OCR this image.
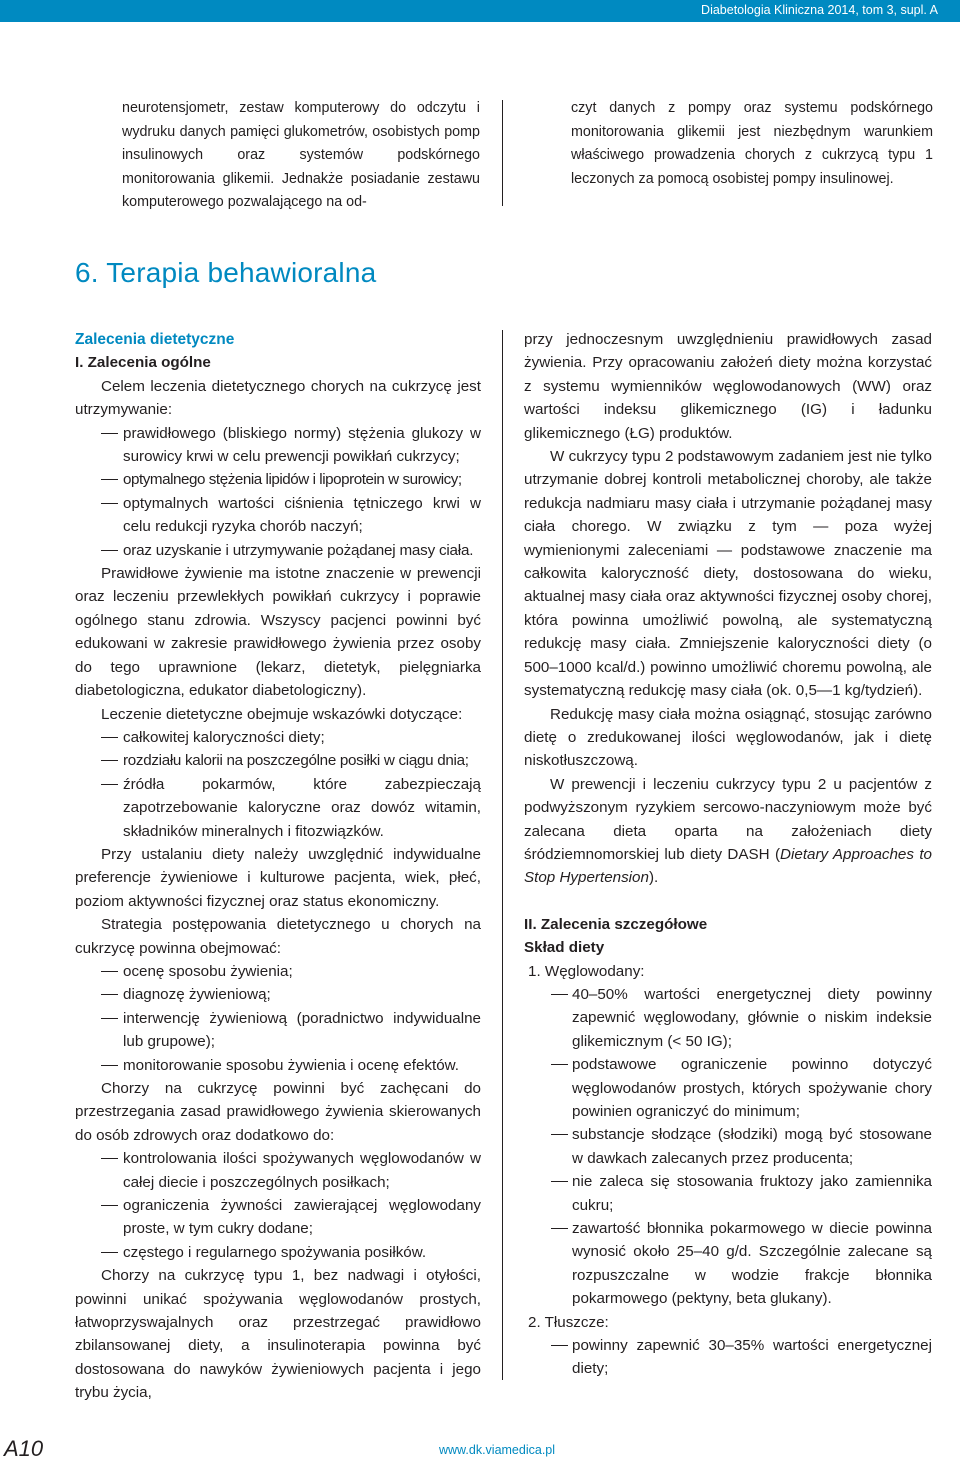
Diabetologia Kliniczna 2014, tom 3, supl. A
neurotensjometr, zestaw komputerowy do odczytu i wydruku danych pamięci glukometrów, osobistych pomp insulinowych oraz systemów podskórnego monitorowania glikemii. Jednakże posiadanie zestawu komputerowego pozwalającego na od-
czyt danych z pompy oraz systemu podskórnego monitorowania glikemii jest niezbędnym warunkiem właściwego prowadzenia chorych z cukrzycą typu 1 leczonych za pomocą osobistej pompy insulinowej.
6. Terapia behawioralna

Zalecenia dietetyczne

I. Zalecenia ogólne

Celem leczenia dietetycznego chorych na cukrzycę jest utrzymywanie:

prawidłowego (bliskiego normy) stężenia glukozy w surowicy krwi w celu prewencji powikłań cukrzycy;

optymalnego stężenia lipidów i lipoprotein w surowicy;

optymalnych wartości ciśnienia tętniczego krwi w celu redukcji ryzyka chorób naczyń;

oraz uzyskanie i utrzymywanie pożądanej masy ciała.

Prawidłowe żywienie ma istotne znaczenie w prewencji oraz leczeniu przewlekłych powikłań cukrzycy i poprawie ogólnego stanu zdrowia. Wszyscy pacjenci powinni być edukowani w zakresie prawidłowego żywienia przez osoby do tego uprawnione (lekarz, dietetyk, pielęgniarka diabetologiczna, edukator diabetologiczny).

Leczenie dietetyczne obejmuje wskazówki dotyczące:

całkowitej kaloryczności diety;

rozdziału kalorii na poszczególne posiłki w ciągu dnia;

źródła pokarmów, które zabezpieczają zapotrzebowanie kaloryczne oraz dowóz witamin, składników mineralnych i fitozwiązków.

Przy ustalaniu diety należy uwzględnić indywidualne preferencje żywieniowe i kulturowe pacjenta, wiek, płeć, poziom aktywności fizycznej oraz status ekonomiczny.

Strategia postępowania dietetycznego u chorych na cukrzycę powinna obejmować:

ocenę sposobu żywienia;

diagnozę żywieniową;

interwencję żywieniową (poradnictwo indywidualne lub grupowe);

monitorowanie sposobu żywienia i ocenę efektów.

Chorzy na cukrzycę powinni być zachęcani do przestrzegania zasad prawidłowego żywienia skierowanych do osób zdrowych oraz dodatkowo do:

kontrolowania ilości spożywanych węglowodanów w całej diecie i poszczególnych posiłkach;

ograniczenia żywności zawierającej węglowodany proste, w tym cukry dodane;

częstego i regularnego spożywania posiłków.

Chorzy na cukrzycę typu 1, bez nadwagi i otyłości, powinni unikać spożywania węglowodanów prostych, łatwoprzyswajalnych oraz przestrzegać prawidłowo zbilansowanej diety, a insulinoterapia powinna być dostosowana do nawyków żywieniowych pacjenta i jego trybu życia,

przy jednoczesnym uwzględnieniu prawidłowych zasad żywienia. Przy opracowaniu założeń diety można korzystać z systemu wymienników węglowodanowych (WW) oraz wartości indeksu glikemicznego (IG) i ładunku glikemicznego (ŁG) produktów.

W cukrzycy typu 2 podstawowym zadaniem jest nie tylko utrzymanie dobrej kontroli metabolicznej choroby, ale także redukcja nadmiaru masy ciała i utrzymanie pożądanej masy ciała chorego. W związku z tym — poza wyżej wymienionymi zaleceniami — podstawowe znaczenie ma całkowita kaloryczność diety, dostosowana do wieku, aktualnej masy ciała oraz aktywności fizycznej osoby chorej, która powinna umożliwić powolną, ale systematyczną redukcję masy ciała. Zmniejszenie kaloryczności diety (o 500–1000 kcal/d.) powinno umożliwić choremu powolną, ale systematyczną redukcję masy ciała (ok. 0,5—1 kg/tydzień).

Redukcję masy ciała można osiągnąć, stosując zarówno dietę o zredukowanej ilości węglowodanów, jak i dietę niskotłuszczową.

W prewencji i leczeniu cukrzycy typu 2 u pacjentów z podwyższonym ryzykiem sercowo-naczyniowym może być zalecana dieta oparta na założeniach diety śródziemnomorskiej lub diety DASH (Dietary Approaches to Stop Hypertension).

II. Zalecenia szczegółowe

Skład diety

1. Węglowodany:

40–50% wartości energetycznej diety powinny zapewnić węglowodany, głównie o niskim indeksie glikemicznym (< 50 IG);

podstawowe ograniczenie powinno dotyczyć węglowodanów prostych, których spożywanie chory powinien ograniczyć do minimum;

substancje słodzące (słodziki) mogą być stosowane w dawkach zalecanych przez producenta;

nie zaleca się stosowania fruktozy jako zamiennika cukru;

zawartość błonnika pokarmowego w diecie powinna wynosić około 25–40 g/d. Szczególnie zalecane są rozpuszczalne w wodzie frakcje błonnika pokarmowego (pektyny, beta glukany).

2. Tłuszcze:

powinny zapewnić 30–35% wartości energetycznej diety;

A10	www.dk.viamedica.pl
